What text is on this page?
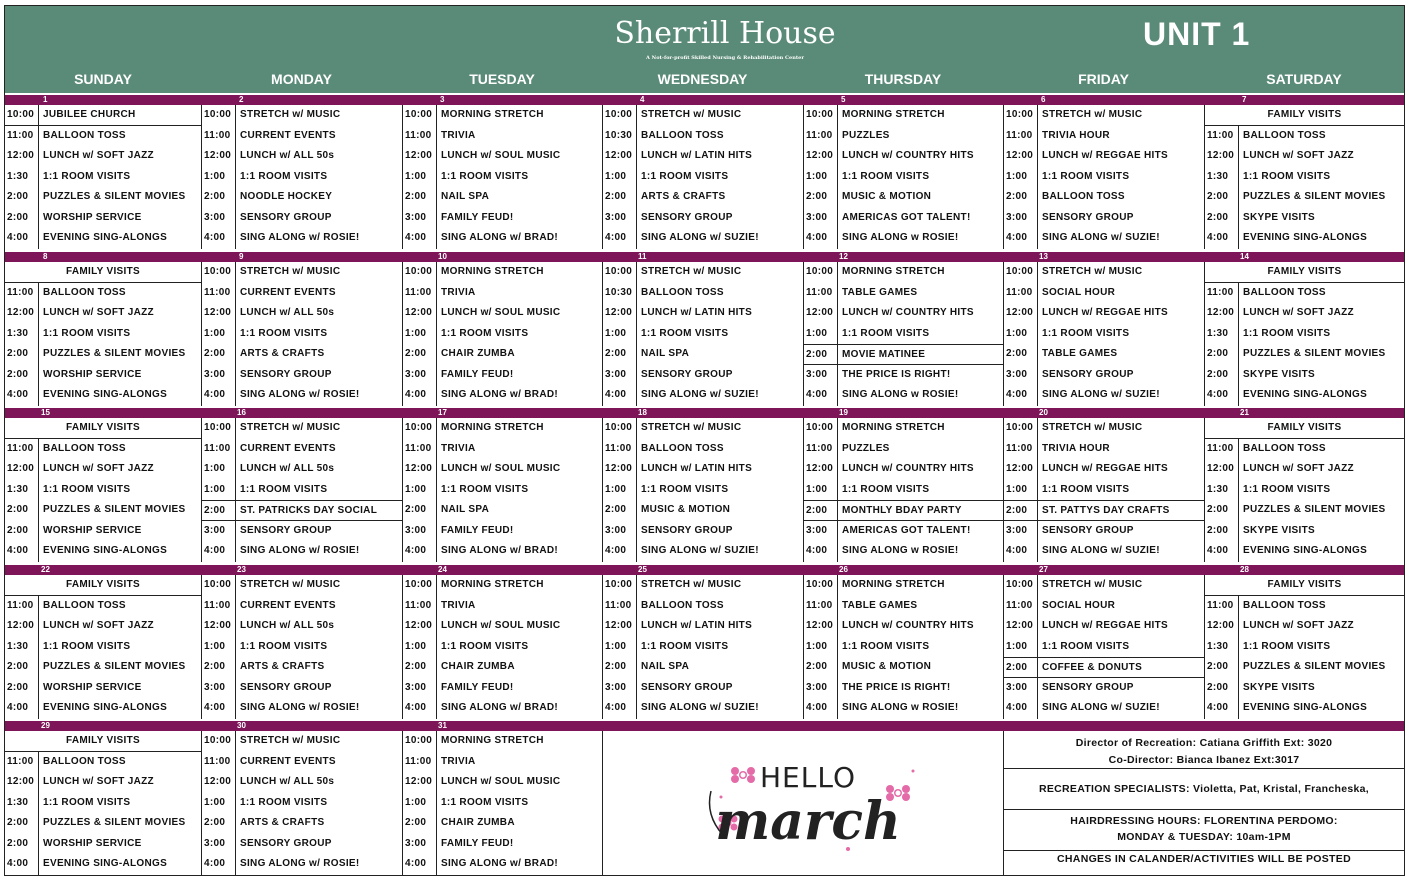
Sherrill House
A Not-for-profit Skilled Nursing & Rehabilitation Center
UNIT 1
SUNDAY	MONDAY	TUESDAY	WEDNESDAY	THURSDAY	FRIDAY	SATURDAY
1
10:00 JUBILEE CHURCH
11:00 BALLOON TOSS
12:00 LUNCH w/ SOFT JAZZ
1:30	1:1 ROOM VISITS
2:00	PUZZLES & SILENT MOVIES
2:00	WORSHIP SERVICE
4:00	EVENING SING-ALONGS
2
10:00 STRETCH w/ MUSIC
11:00 CURRENT EVENTS
12:00 LUNCH w/ ALL 50s
1:00	1:1 ROOM VISITS
2:00	NOODLE HOCKEY
3:00	SENSORY GROUP
4:00	SING ALONG w/ ROSIE!
3
10:00 MORNING STRETCH
11:00 TRIVIA
12:00 LUNCH w/ SOUL MUSIC
1:00	1:1 ROOM VISITS
2:00	NAIL SPA
3:00	FAMILY FEUD!
4:00	SING ALONG w/ BRAD!
4
10:00 STRETCH w/ MUSIC
10:30 BALLOON TOSS
12:00 LUNCH w/ LATIN HITS
1:00	1:1 ROOM VISITS
2:00	ARTS & CRAFTS
3:00	SENSORY GROUP
4:00	SING ALONG w/ SUZIE!
5
10:00 MORNING STRETCH
11:00 PUZZLES
12:00 LUNCH w/ COUNTRY HITS
1:00	1:1 ROOM VISITS
2:00	MUSIC & MOTION
3:00	AMERICAS GOT TALENT!
4:00	SING ALONG w ROSIE!
6
10:00 STRETCH w/ MUSIC
11:00 TRIVIA HOUR
12:00 LUNCH w/ REGGAE HITS
1:00	1:1 ROOM VISITS
2:00	BALLOON TOSS
3:00	SENSORY GROUP
4:00	SING ALONG w/ SUZIE!
7
FAMILY VISITS
11:00 BALLOON TOSS
12:00 LUNCH w/ SOFT JAZZ
1:30	1:1 ROOM VISITS
2:00	PUZZLES & SILENT MOVIES
2:00	SKYPE VISITS
4:00	EVENING SING-ALONGS
8
FAMILY VISITS
11:00 BALLOON TOSS
12:00 LUNCH w/ SOFT JAZZ
1:30	1:1 ROOM VISITS
2:00	PUZZLES & SILENT MOVIES
2:00	WORSHIP SERVICE
4:00	EVENING SING-ALONGS
9
10:00 STRETCH w/ MUSIC
11:00 CURRENT EVENTS
12:00 LUNCH w/ ALL 50s
1:00	1:1 ROOM VISITS
2:00	ARTS & CRAFTS
3:00	SENSORY GROUP
4:00	SING ALONG w/ ROSIE!
10
10:00 MORNING STRETCH
11:00 TRIVIA
12:00 LUNCH w/ SOUL MUSIC
1:00	1:1 ROOM VISITS
2:00	CHAIR ZUMBA
3:00	FAMILY FEUD!
4:00	SING ALONG w/ BRAD!
11
10:00 STRETCH w/ MUSIC
10:30 BALLOON TOSS
12:00 LUNCH w/ LATIN HITS
1:00	1:1 ROOM VISITS
2:00	NAIL SPA
3:00	SENSORY GROUP
4:00	SING ALONG w/ SUZIE!
12
10:00 MORNING STRETCH
11:00 TABLE GAMES
12:00 LUNCH w/ COUNTRY HITS
1:00	1:1 ROOM VISITS
2:00	MOVIE MATINEE
3:00	THE PRICE IS RIGHT!
4:00	SING ALONG w ROSIE!
13
10:00 STRETCH w/ MUSIC
11:00 SOCIAL HOUR
12:00 LUNCH w/ REGGAE HITS
1:00	1:1 ROOM VISITS
2:00	TABLE GAMES
3:00	SENSORY GROUP
4:00	SING ALONG w/ SUZIE!
14
FAMILY VISITS
11:00 BALLOON TOSS
12:00 LUNCH w/ SOFT JAZZ
1:30	1:1 ROOM VISITS
2:00	PUZZLES & SILENT MOVIES
2:00	SKYPE VISITS
4:00	EVENING SING-ALONGS
15
FAMILY VISITS
11:00 BALLOON TOSS
12:00 LUNCH w/ SOFT JAZZ
1:30	1:1 ROOM VISITS
2:00	PUZZLES & SILENT MOVIES
2:00	WORSHIP SERVICE
4:00	EVENING SING-ALONGS
16
10:00 STRETCH w/ MUSIC
11:00 CURRENT EVENTS
1:00	LUNCH w/ ALL 50s
1:00	1:1 ROOM VISITS
2:00	ST. PATRICKS DAY SOCIAL
3:00	SENSORY GROUP
4:00	SING ALONG w/ ROSIE!
17
10:00 MORNING STRETCH
11:00 TRIVIA
12:00 LUNCH w/ SOUL MUSIC
1:00	1:1 ROOM VISITS
2:00	NAIL SPA
3:00	FAMILY FEUD!
4:00	SING ALONG w/ BRAD!
18
10:00 STRETCH w/ MUSIC
11:00 BALLOON TOSS
12:00 LUNCH w/ LATIN HITS
1:00	1:1 ROOM VISITS
2:00	MUSIC & MOTION
3:00	SENSORY GROUP
4:00	SING ALONG w/ SUZIE!
19
10:00 MORNING STRETCH
11:00 PUZZLES
12:00 LUNCH w/ COUNTRY HITS
1:00	1:1 ROOM VISITS
2:00	MONTHLY BDAY PARTY
3:00	AMERICAS GOT TALENT!
4:00	SING ALONG w ROSIE!
20
10:00 STRETCH w/ MUSIC
11:00 TRIVIA HOUR
12:00 LUNCH w/ REGGAE HITS
1:00	1:1 ROOM VISITS
2:00	ST. PATTYS DAY CRAFTS
3:00	SENSORY GROUP
4:00	SING ALONG w/ SUZIE!
21
FAMILY VISITS
11:00 BALLOON TOSS
12:00 LUNCH w/ SOFT JAZZ
1:30	1:1 ROOM VISITS
2:00	PUZZLES & SILENT MOVIES
2:00	SKYPE VISITS
4:00	EVENING SING-ALONGS
22
FAMILY VISITS
11:00 BALLOON TOSS
12:00 LUNCH w/ SOFT JAZZ
1:30	1:1 ROOM VISITS
2:00	PUZZLES & SILENT MOVIES
2:00	WORSHIP SERVICE
4:00	EVENING SING-ALONGS
23
10:00 STRETCH w/ MUSIC
11:00 CURRENT EVENTS
12:00 LUNCH w/ ALL 50s
1:00	1:1 ROOM VISITS
2:00	ARTS & CRAFTS
3:00	SENSORY GROUP
4:00	SING ALONG w/ ROSIE!
24
10:00 MORNING STRETCH
11:00 TRIVIA
12:00 LUNCH w/ SOUL MUSIC
1:00	1:1 ROOM VISITS
2:00	CHAIR ZUMBA
3:00	FAMILY FEUD!
4:00	SING ALONG w/ BRAD!
25
10:00 STRETCH w/ MUSIC
11:00 BALLOON TOSS
12:00 LUNCH w/ LATIN HITS
1:00	1:1 ROOM VISITS
2:00	NAIL SPA
3:00	SENSORY GROUP
4:00	SING ALONG w/ SUZIE!
26
10:00 MORNING STRETCH
11:00 TABLE GAMES
12:00 LUNCH w/ COUNTRY HITS
1:00	1:1 ROOM VISITS
2:00	MUSIC & MOTION
3:00	THE PRICE IS RIGHT!
4:00	SING ALONG w ROSIE!
27
10:00 STRETCH w/ MUSIC
11:00 SOCIAL HOUR
12:00 LUNCH w/ REGGAE HITS
1:00	1:1 ROOM VISITS
2:00	COFFEE & DONUTS
3:00	SENSORY GROUP
4:00	SING ALONG w/ SUZIE!
28
FAMILY VISITS
11:00 BALLOON TOSS
12:00 LUNCH w/ SOFT JAZZ
1:30	1:1 ROOM VISITS
2:00	PUZZLES & SILENT MOVIES
2:00	SKYPE VISITS
4:00	EVENING SING-ALONGS
29
FAMILY VISITS
11:00 BALLOON TOSS
12:00 LUNCH w/ SOFT JAZZ
1:30	1:1 ROOM VISITS
2:00	PUZZLES & SILENT MOVIES
2:00	WORSHIP SERVICE
4:00	EVENING SING-ALONGS
30
10:00 STRETCH w/ MUSIC
11:00 CURRENT EVENTS
12:00 LUNCH w/ ALL 50s
1:00	1:1 ROOM VISITS
2:00	ARTS & CRAFTS
3:00	SENSORY GROUP
4:00	SING ALONG w/ ROSIE!
31
10:00 MORNING STRETCH
11:00 TRIVIA
12:00 LUNCH w/ SOUL MUSIC
1:00	1:1 ROOM VISITS
2:00	CHAIR ZUMBA
3:00	FAMILY FEUD!
4:00	SING ALONG w/ BRAD!
HELLO
march
Director of Recreation: Catiana Griffith Ext: 3020
Co-Director: Bianca Ibanez Ext:3017
RECREATION SPECIALISTS: Violetta, Pat, Kristal, Francheska,
HAIRDRESSING HOURS: FLORENTINA PERDOMO:
MONDAY & TUESDAY: 10am-1PM
CHANGES IN CALANDER/ACTIVITIES WILL BE POSTED
